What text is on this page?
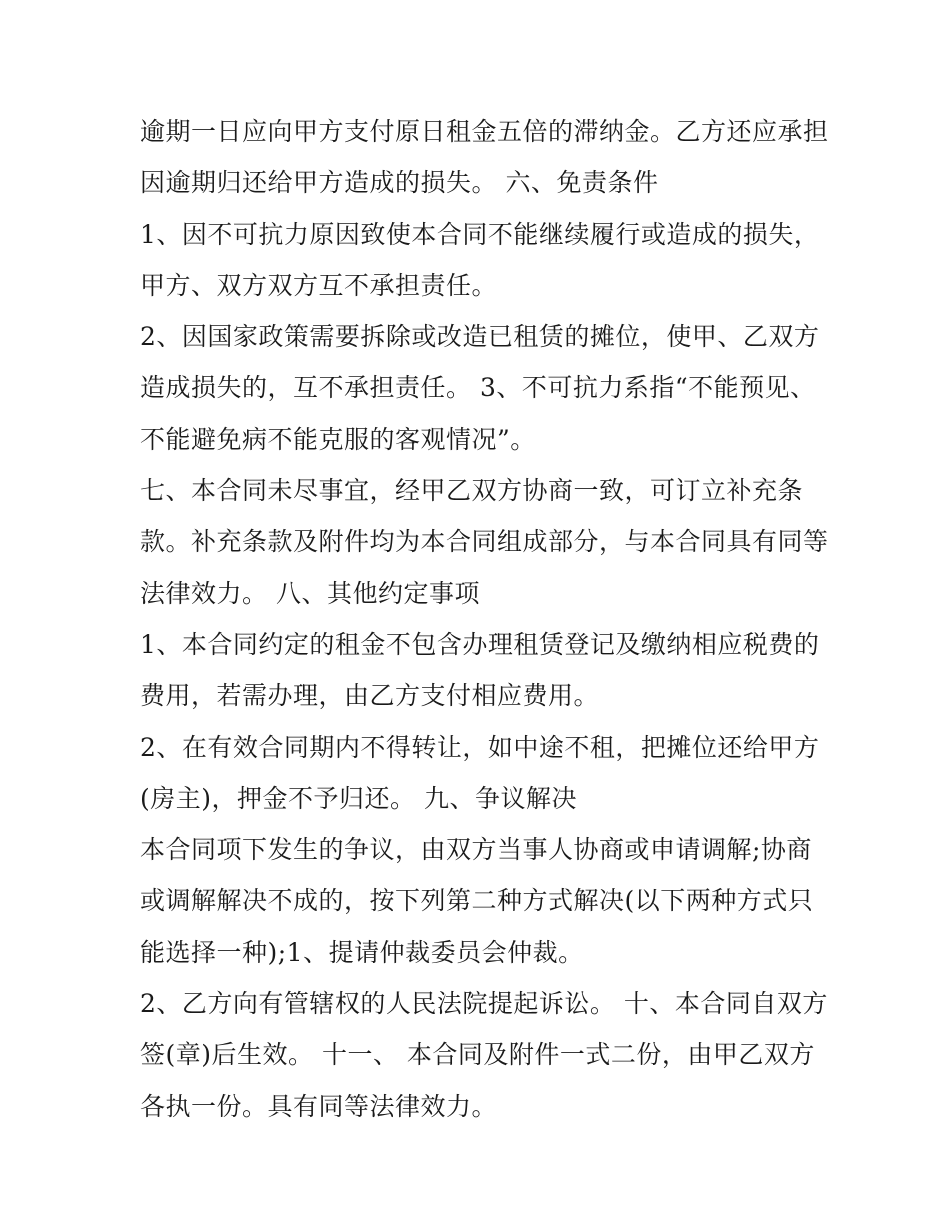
逾期一日应向甲方支付原日租金五倍的滞纳金。乙方还应承担
因逾期归还给甲方造成的损失。 六、免责条件
1、因不可抗力原因致使本合同不能继续履行或造成的损失，
甲方、双方双方互不承担责任。
2、因国家政策需要拆除或改造已租赁的摊位，使甲、乙双方
造成损失的，互不承担责任。 3、不可抗力系指“不能预见、
不能避免病不能克服的客观情况”。
七、本合同未尽事宜，经甲乙双方协商一致，可订立补充条
款。补充条款及附件均为本合同组成部分，与本合同具有同等
法律效力。 八、其他约定事项
1、本合同约定的租金不包含办理租赁登记及缴纳相应税费的
费用，若需办理，由乙方支付相应费用。
2、在有效合同期内不得转让，如中途不租，把摊位还给甲方
(房主)，押金不予归还。 九、争议解决
本合同项下发生的争议，由双方当事人协商或申请调解;协商
或调解解决不成的，按下列第二种方式解决(以下两种方式只
能选择一种);1、提请仲裁委员会仲裁。
2、乙方向有管辖权的人民法院提起诉讼。 十、本合同自双方
签(章)后生效。 十一、 本合同及附件一式二份，由甲乙双方
各执一份。具有同等法律效力。
